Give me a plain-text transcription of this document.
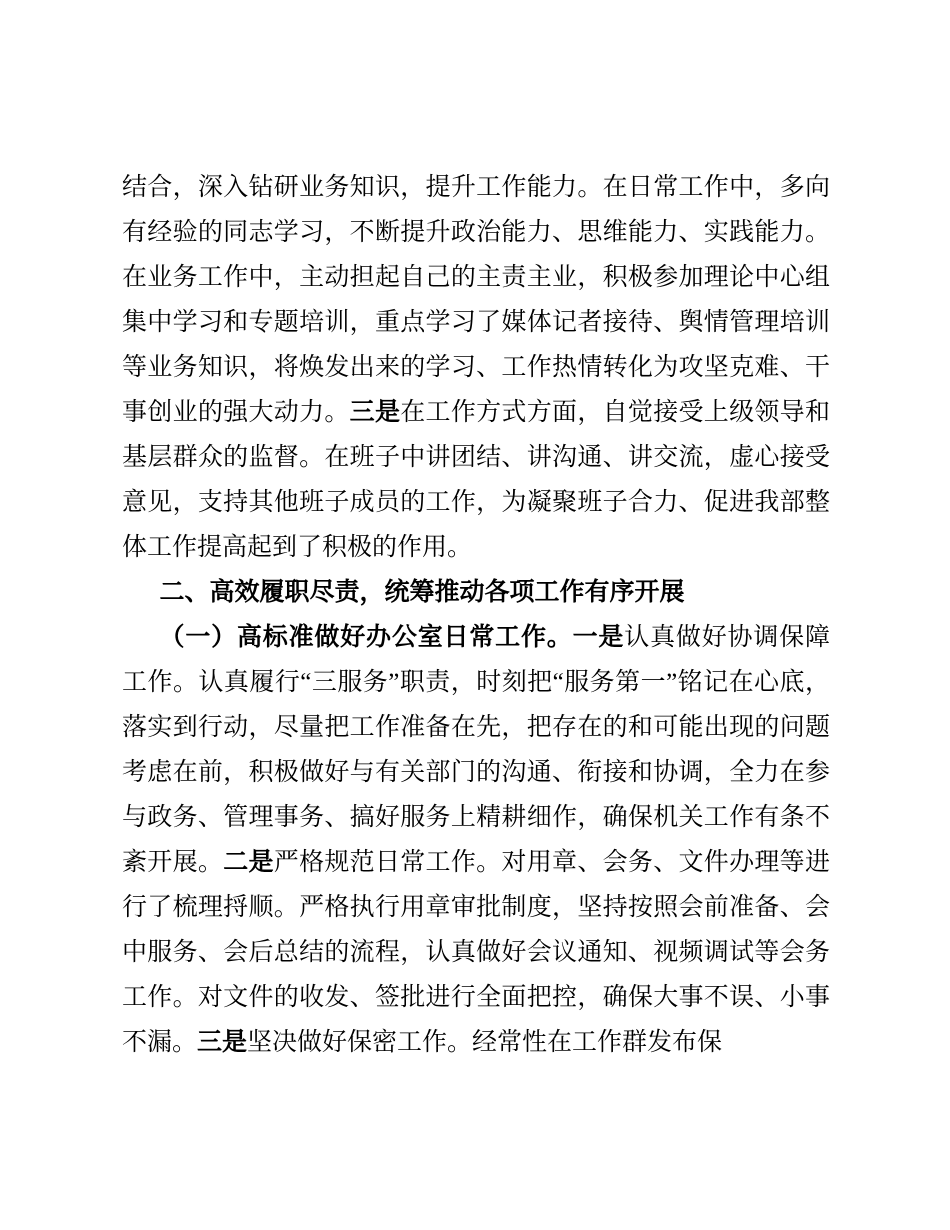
结合，深入钻研业务知识，提升工作能力。在日常工作中，多向有经验的同志学习，不断提升政治能力、思维能力、实践能力。在业务工作中，主动担起自己的主责主业，积极参加理论中心组集中学习和专题培训，重点学习了媒体记者接待、舆情管理培训等业务知识，将焕发出来的学习、工作热情转化为攻坚克难、干事创业的强大动力。三是在工作方式方面，自觉接受上级领导和基层群众的监督。在班子中讲团结、讲沟通、讲交流，虚心接受意见，支持其他班子成员的工作，为凝聚班子合力、促进我部整体工作提高起到了积极的作用。

二、高效履职尽责，统筹推动各项工作有序开展

（一）高标准做好办公室日常工作。一是认真做好协调保障工作。认真履行“三服务”职责，时刻把“服务第一”铭记在心底，落实到行动，尽量把工作准备在先，把存在的和可能出现的问题考虑在前，积极做好与有关部门的沟通、衔接和协调，全力在参与政务、管理事务、搞好服务上精耕细作，确保机关工作有条不紊开展。二是严格规范日常工作。对用章、会务、文件办理等进行了梳理捋顺。严格执行用章审批制度，坚持按照会前准备、会中服务、会后总结的流程，认真做好会议通知、视频调试等会务工作。对文件的收发、签批进行全面把控，确保大事不误、小事不漏。三是坚决做好保密工作。经常性在工作群发布保
